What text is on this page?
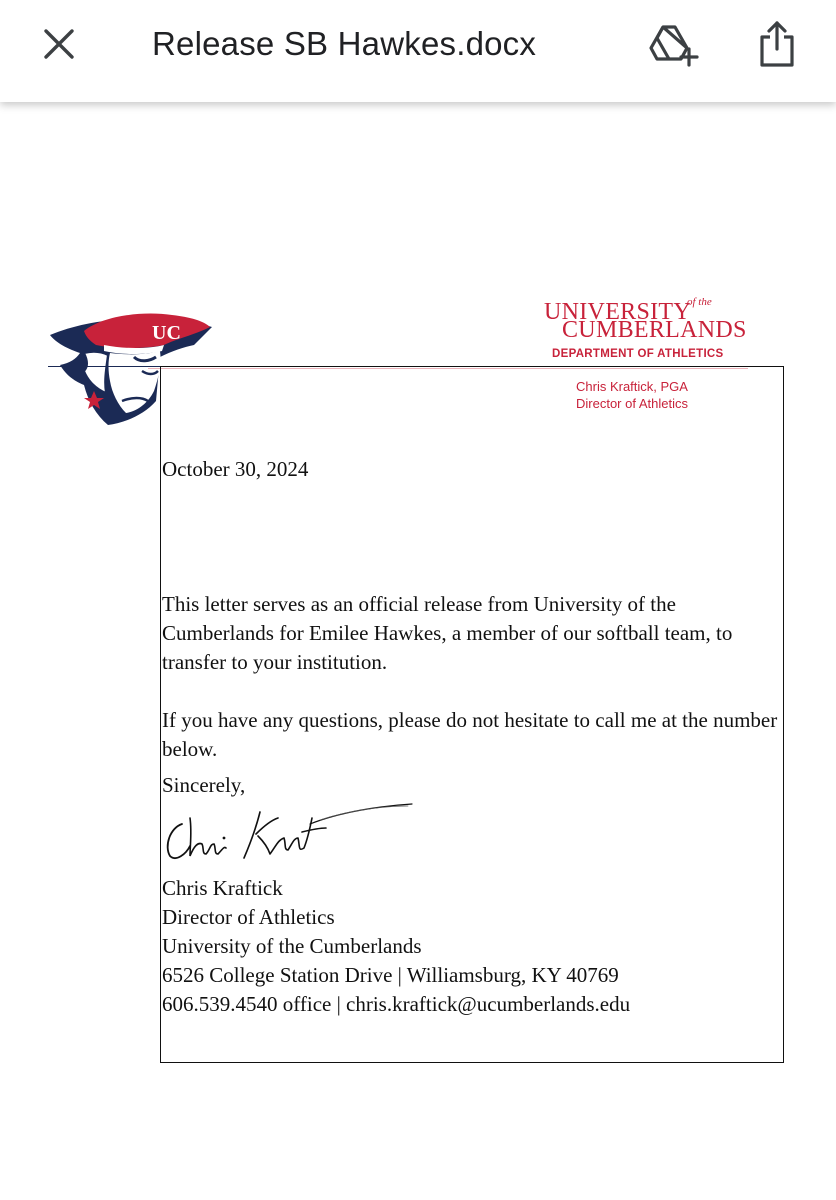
Release SB Hawkes.docx
UC
UNIVERSITY
of the
CUMBERLANDS
DEPARTMENT OF ATHLETICS
Chris Kraftick, PGA
Director of Athletics
October 30, 2024

This letter serves as an official release from University of the Cumberlands for Emilee Hawkes, a member of our softball team, to transfer to your institution.

If you have any questions, please do not hesitate to call me at the number below.

Sincerely,
Chris Kraftick
Director of Athletics
University of the Cumberlands
6526 College Station Drive | Williamsburg, KY 40769
606.539.4540 office | chris.kraftick@ucumberlands.edu
